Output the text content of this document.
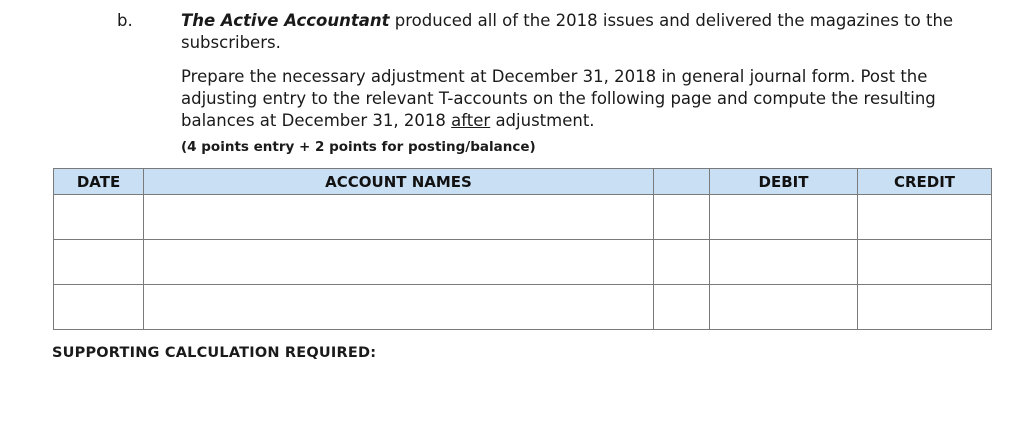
b.	The Active Accountant produced all of the 2018 issues and delivered the magazines to the subscribers.
Prepare the necessary adjustment at December 31, 2018 in general journal form. Post the adjusting entry to the relevant T-accounts on the following page and compute the resulting balances at December 31, 2018 after adjustment.
(4 points entry + 2 points for posting/balance)
DATE	ACCOUNT NAMES		DEBIT	CREDIT

SUPPORTING CALCULATION REQUIRED:
